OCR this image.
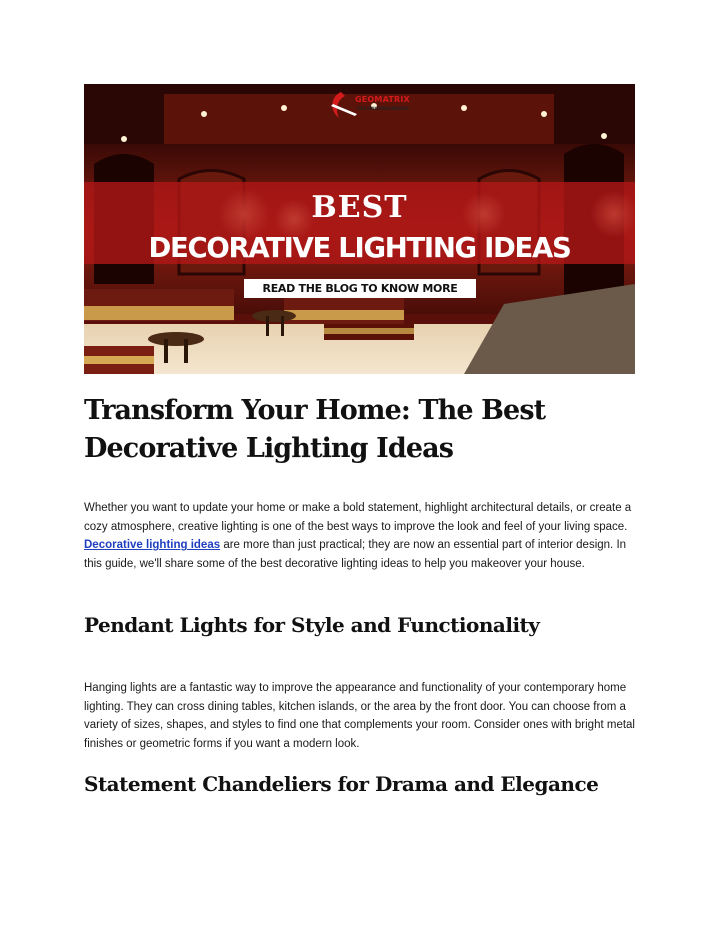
GEOMATRIX
TECHNOENGINEERS
BEST
DECORATIVE LIGHTING IDEAS
READ THE BLOG TO KNOW MORE
Transform Your Home: The Best Decorative Lighting Ideas

Whether you want to update your home or make a bold statement, highlight architectural details, or create a cozy atmosphere, creative lighting is one of the best ways to improve the look and feel of your living space. Decorative lighting ideas are more than just practical; they are now an essential part of interior design. In this guide, we'll share some of the best decorative lighting ideas to help you makeover your house.

Pendant Lights for Style and Functionality

Hanging lights are a fantastic way to improve the appearance and functionality of your contemporary home lighting. They can cross dining tables, kitchen islands, or the area by the front door. You can choose from a variety of sizes, shapes, and styles to find one that complements your room. Consider ones with bright metal finishes or geometric forms if you want a modern look.

Statement Chandeliers for Drama and Elegance
